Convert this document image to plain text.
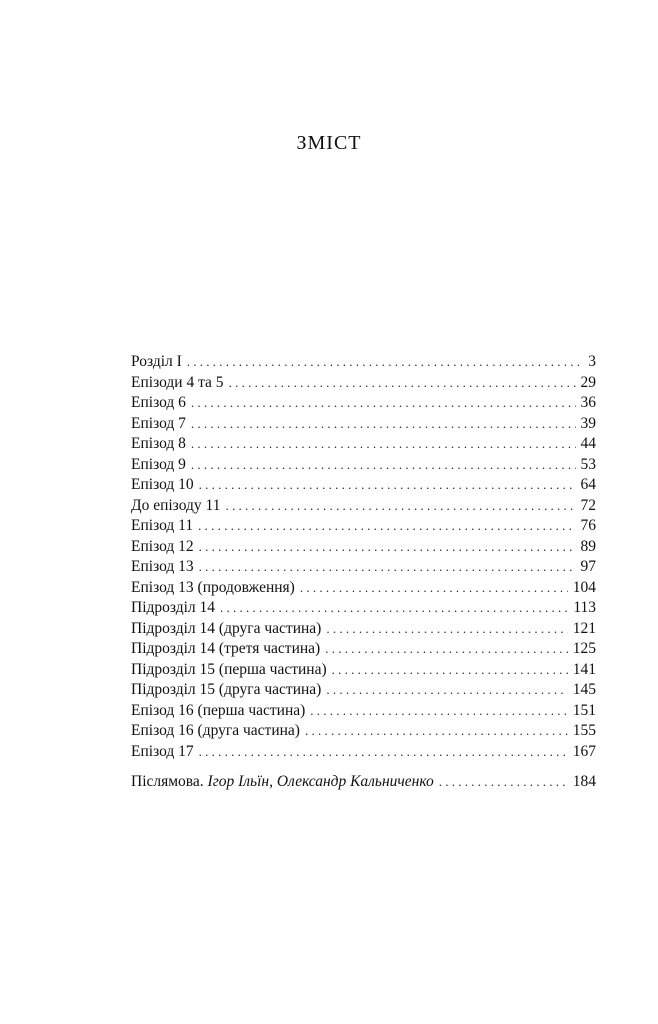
ЗМІСТ
Розділ I . . .	3
Епізоди 4 та 5 . . .	29
Епізод 6 . . .	36
Епізод 7 . . .	39
Епізод 8 . . .	44
Епізод 9 . . .	53
Епізод 10 . . .	64
До епізоду 11 . . .	72
Епізод 11 . . .	76
Епізод 12 . . .	89
Епізод 13 . . .	97
Епізод 13 (продовження) . . .	104
Підрозділ 14 . . .	113
Підрозділ 14 (друга частина) . . .	121
Підрозділ 14 (третя частина) . . .	125
Підрозділ 15 (перша частина) . . .	141
Підрозділ 15 (друга частина) . . .	145
Епізод 16 (перша частина) . . .	151
Епізод 16 (друга частина) . . .	155
Епізод 17 . . .	167
Післямова. Ігор Ільїн, Олександр Кальниченко . . .	184
